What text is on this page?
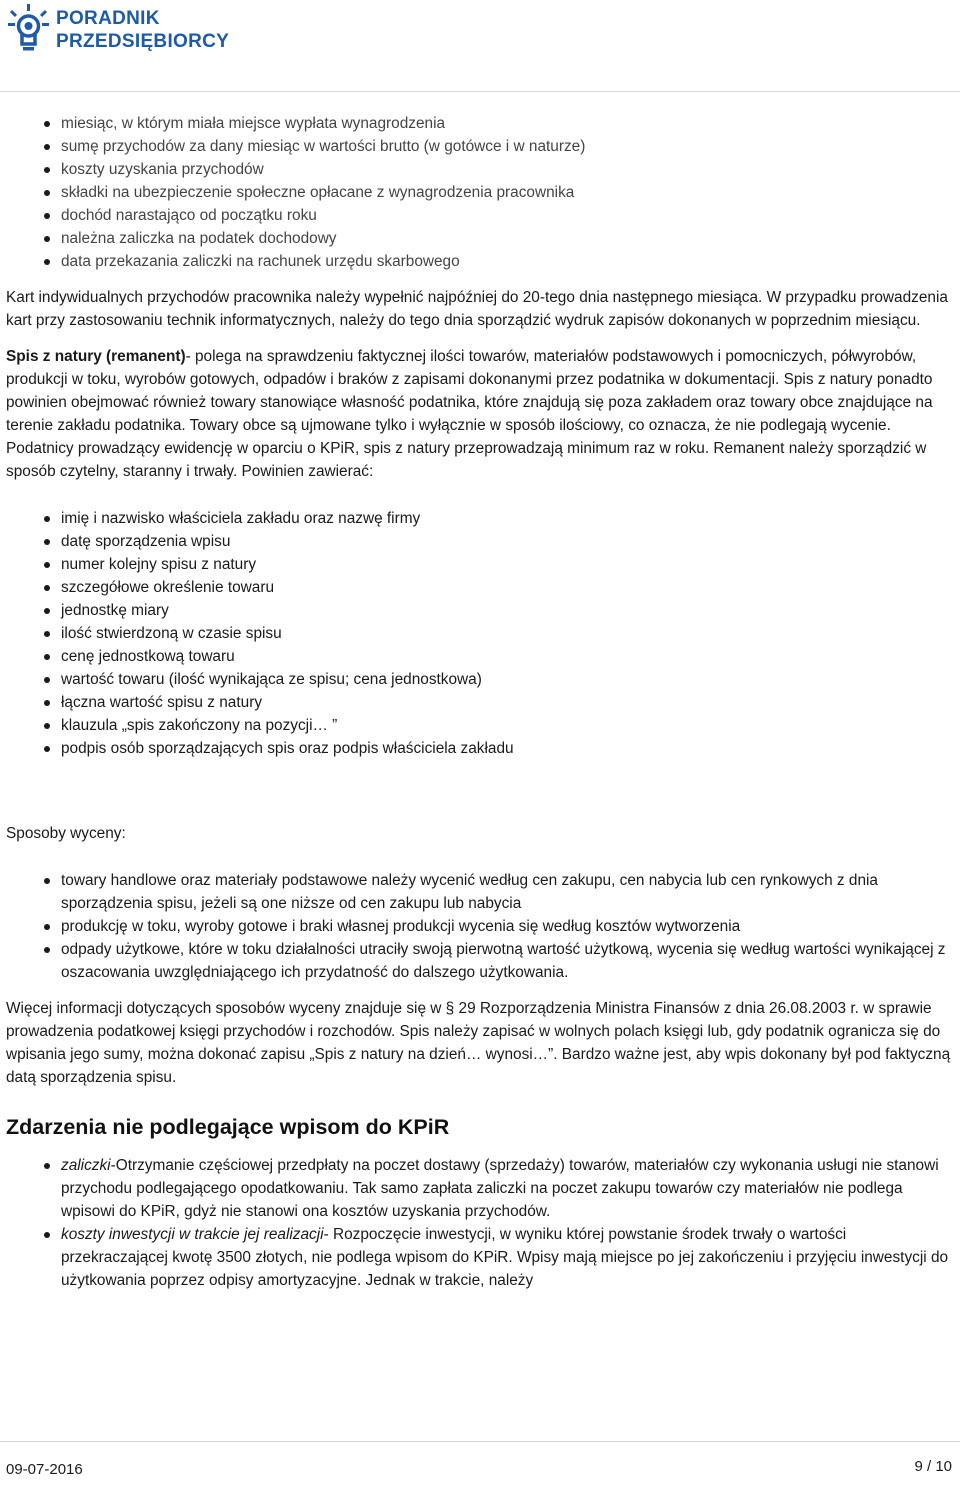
PORADNIK
PRZEDSIĘBIORCY
Data:	2013-10-10
Autor:	Andrzej Lazarowicz
miesiąc, w którym miała miejsce wypłata wynagrodzenia
sumę przychodów za dany miesiąc w wartości brutto (w gotówce i w naturze)
koszty uzyskania przychodów
składki na ubezpieczenie społeczne opłacane z wynagrodzenia pracownika
dochód narastająco od początku roku
należna zaliczka na podatek dochodowy
data przekazania zaliczki na rachunek urzędu skarbowego

Kart indywidualnych przychodów pracownika należy wypełnić najpóźniej do 20-tego dnia następnego miesiąca. W przypadku prowadzenia kart przy zastosowaniu technik informatycznych, należy do tego dnia sporządzić wydruk zapisów dokonanych w poprzednim miesiącu.

Spis z natury (remanent)- polega na sprawdzeniu faktycznej ilości towarów, materiałów podstawowych i pomocniczych, półwyrobów, produkcji w toku, wyrobów gotowych, odpadów i braków z zapisami dokonanymi przez podatnika w dokumentacji. Spis z natury ponadto powinien obejmować również towary stanowiące własność podatnika, które znajdują się poza zakładem oraz towary obce znajdujące na terenie zakładu podatnika. Towary obce są ujmowane tylko i wyłącznie w sposób ilościowy, co oznacza, że nie podlegają wycenie. Podatnicy prowadzący ewidencję w oparciu o KPiR, spis z natury przeprowadzają minimum raz w roku. Remanent należy sporządzić w sposób czytelny, staranny i trwały. Powinien zawierać:

imię i nazwisko właściciela zakładu oraz nazwę firmy
datę sporządzenia wpisu
numer kolejny spisu z natury
szczegółowe określenie towaru
jednostkę miary
ilość stwierdzoną w czasie spisu
cenę jednostkową towaru
wartość towaru (ilość wynikająca ze spisu; cena jednostkowa)
łączna wartość spisu z natury
klauzula „spis zakończony na pozycji… ”
podpis osób sporządzających spis oraz podpis właściciela zakładu

Sposoby wyceny:

towary handlowe oraz materiały podstawowe należy wycenić według cen zakupu, cen nabycia lub cen rynkowych z dnia sporządzenia spisu, jeżeli są one niższe od cen zakupu lub nabycia
produkcję w toku, wyroby gotowe i braki własnej produkcji wycenia się według kosztów wytworzenia
odpady użytkowe, które w toku działalności utraciły swoją pierwotną wartość użytkową, wycenia się według wartości wynikającej z oszacowania uwzględniającego ich przydatność do dalszego użytkowania.

Więcej informacji dotyczących sposobów wyceny znajduje się w § 29 Rozporządzenia Ministra Finansów z dnia 26.08.2003 r. w sprawie prowadzenia podatkowej księgi przychodów i rozchodów. Spis należy zapisać w wolnych polach księgi lub, gdy podatnik ogranicza się do wpisania jego sumy, można dokonać zapisu „Spis z natury na dzień… wynosi…”. Bardzo ważne jest, aby wpis dokonany był pod faktyczną datą sporządzenia spisu.

Zdarzenia nie podlegające wpisom do KPiR
zaliczki-Otrzymanie częściowej przedpłaty na poczet dostawy (sprzedaży) towarów, materiałów czy wykonania usługi nie stanowi przychodu podlegającego opodatkowaniu. Tak samo zapłata zaliczki na poczet zakupu towarów czy materiałów nie podlega wpisowi do KPiR, gdyż nie stanowi ona kosztów uzyskania przychodów.
koszty inwestycji w trakcie jej realizacji- Rozpoczęcie inwestycji, w wyniku której powstanie środek trwały o wartości przekraczającej kwotę 3500 złotych, nie podlega wpisom do KPiR. Wpisy mają miejsce po jej zakończeniu i przyjęciu inwestycji do użytkowania poprzez odpisy amortyzacyjne. Jednak w trakcie, należy
09-07-2016	9 / 10
